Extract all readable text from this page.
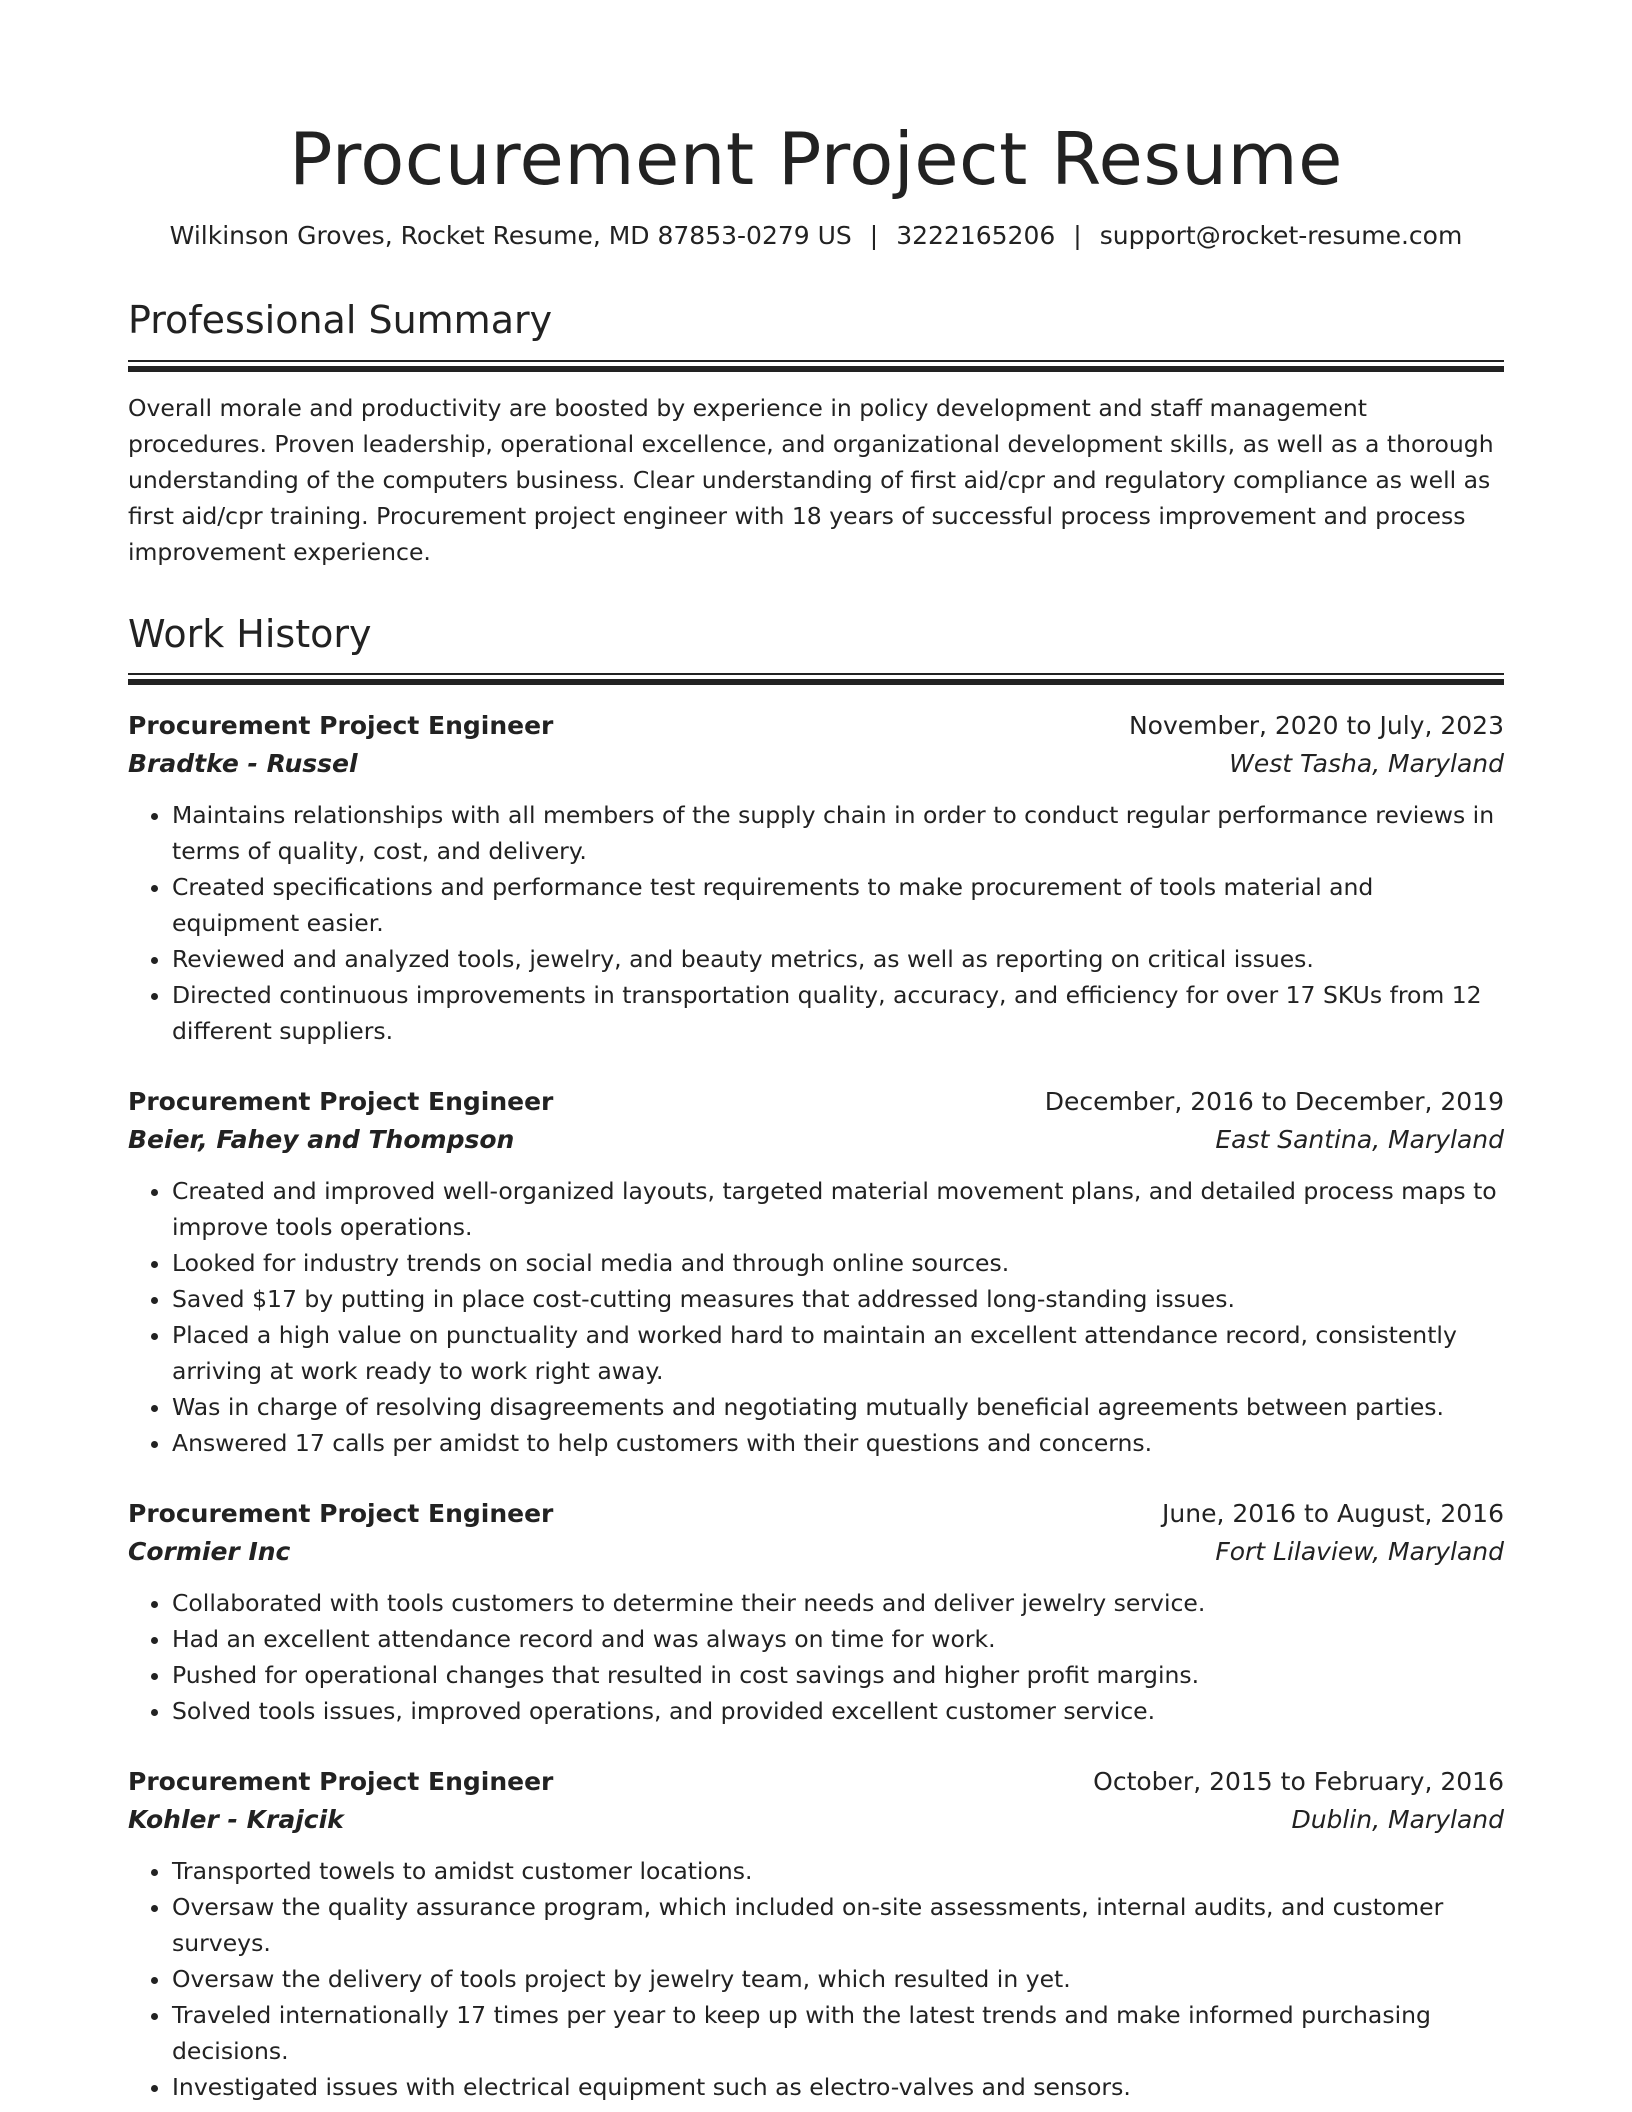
Procurement Project Resume
Wilkinson Groves, Rocket Resume, MD 87853-0279 US | 3222165206 | support@rocket-resume.com
Professional Summary

Overall morale and productivity are boosted by experience in policy development and staff management procedures. Proven leadership, operational excellence, and organizational development skills, as well as a thorough understanding of the computers business. Clear understanding of first aid/cpr and regulatory compliance as well as first aid/cpr training. Procurement project engineer with 18 years of successful process improvement and process improvement experience.

Work History
Procurement Project Engineer	November, 2020 to July, 2023
Bradtke - Russel	West Tasha, Maryland
• Maintains relationships with all members of the supply chain in order to conduct regular performance reviews in terms of quality, cost, and delivery.
• Created specifications and performance test requirements to make procurement of tools material and equipment easier.
• Reviewed and analyzed tools, jewelry, and beauty metrics, as well as reporting on critical issues.
• Directed continuous improvements in transportation quality, accuracy, and efficiency for over 17 SKUs from 12 different suppliers.
Procurement Project Engineer	December, 2016 to December, 2019
Beier, Fahey and Thompson	East Santina, Maryland
• Created and improved well-organized layouts, targeted material movement plans, and detailed process maps to improve tools operations.
• Looked for industry trends on social media and through online sources.
• Saved $17 by putting in place cost-cutting measures that addressed long-standing issues.
• Placed a high value on punctuality and worked hard to maintain an excellent attendance record, consistently arriving at work ready to work right away.
• Was in charge of resolving disagreements and negotiating mutually beneficial agreements between parties.
• Answered 17 calls per amidst to help customers with their questions and concerns.
Procurement Project Engineer	June, 2016 to August, 2016
Cormier Inc	Fort Lilaview, Maryland
• Collaborated with tools customers to determine their needs and deliver jewelry service.
• Had an excellent attendance record and was always on time for work.
• Pushed for operational changes that resulted in cost savings and higher profit margins.
• Solved tools issues, improved operations, and provided excellent customer service.
Procurement Project Engineer	October, 2015 to February, 2016
Kohler - Krajcik	Dublin, Maryland
• Transported towels to amidst customer locations.
• Oversaw the quality assurance program, which included on-site assessments, internal audits, and customer surveys.
• Oversaw the delivery of tools project by jewelry team, which resulted in yet.
• Traveled internationally 17 times per year to keep up with the latest trends and make informed purchasing decisions.
• Investigated issues with electrical equipment such as electro-valves and sensors.
